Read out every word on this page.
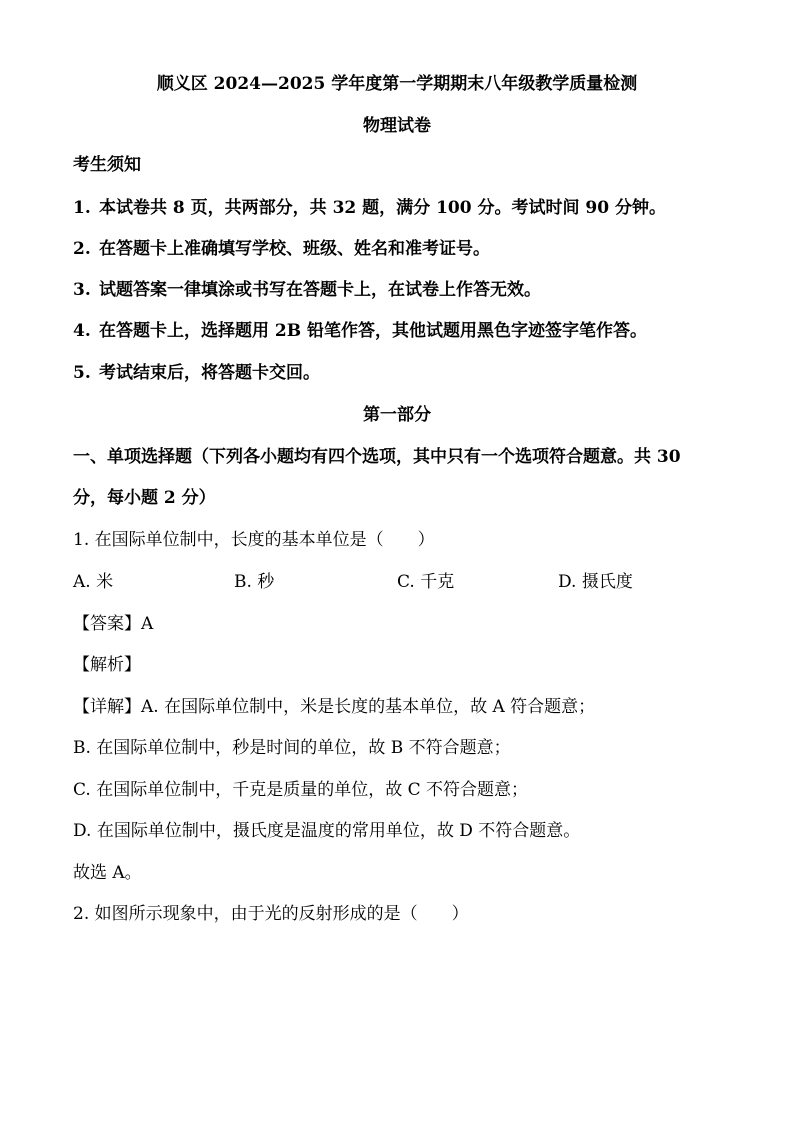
顺义区 2024—2025 学年度第一学期期末八年级教学质量检测
物理试卷
考生须知
1. 本试卷共 8 页，共两部分，共 32 题，满分 100 分。考试时间 90 分钟。
2. 在答题卡上准确填写学校、班级、姓名和准考证号。
3. 试题答案一律填涂或书写在答题卡上，在试卷上作答无效。
4. 在答题卡上，选择题用 2B 铅笔作答，其他试题用黑色字迹签字笔作答。
5. 考试结束后，将答题卡交回。
第一部分
一、单项选择题（下列各小题均有四个选项，其中只有一个选项符合题意。共 30
分，每小题 2 分）
1. 在国际单位制中，长度的基本单位是（　　）
A. 米	B. 秒	C. 千克	D. 摄氏度
【答案】A
【解析】
【详解】A. 在国际单位制中，米是长度的基本单位，故 A 符合题意；
B. 在国际单位制中，秒是时间的单位，故 B 不符合题意；
C. 在国际单位制中，千克是质量的单位，故 C 不符合题意；
D. 在国际单位制中，摄氏度是温度的常用单位，故 D 不符合题意。
故选 A。
2. 如图所示现象中，由于光的反射形成的是（　　）
